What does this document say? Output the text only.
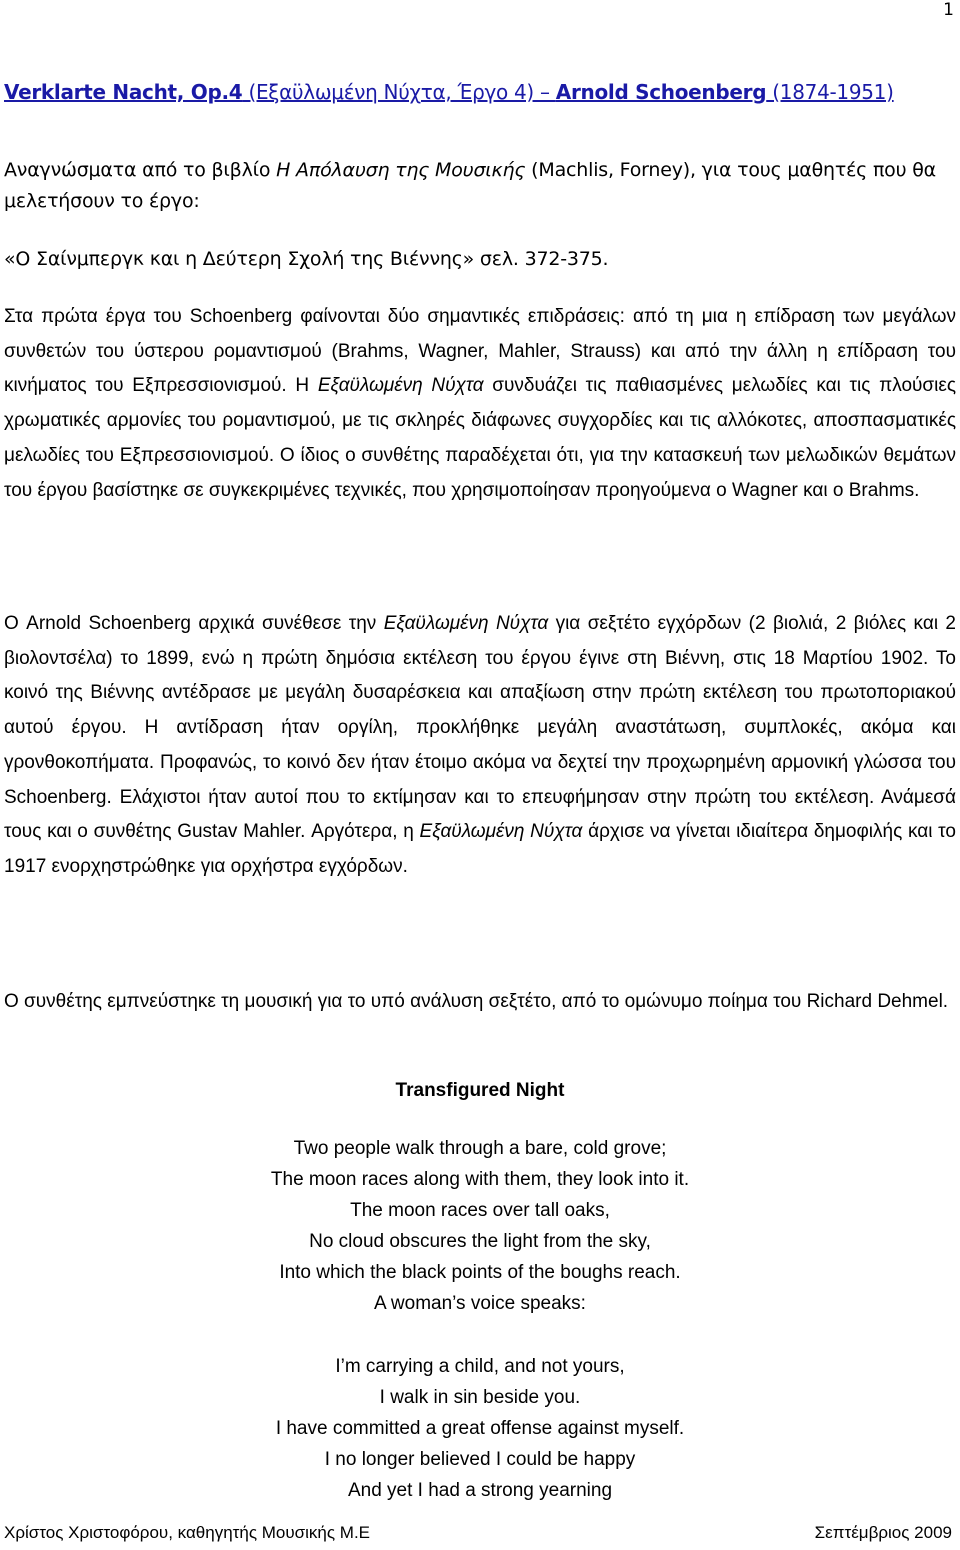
1
Verklarte Nacht, Op.4 (Εξαϋλωμένη Νύχτα, Έργο 4) – Arnold Schoenberg (1874-1951)
Αναγνώσματα από το βιβλίο Η Απόλαυση της Μουσικής (Machlis, Forney), για τους μαθητές που θα μελετήσουν το έργο:
«Ο Σαίνμπεργκ και η Δεύτερη Σχολή της Βιέννης» σελ. 372-375.
Στα πρώτα έργα του Schoenberg φαίνονται δύο σημαντικές επιδράσεις: από τη μια η επίδραση των μεγάλων συνθετών του ύστερου ρομαντισμού (Brahms, Wagner, Mahler, Strauss) και από την άλλη η επίδραση του κινήματος του Εξπρεσσιονισμού. Η Εξαϋλωμένη Νύχτα συνδυάζει τις παθιασμένες μελωδίες και τις πλούσιες χρωματικές αρμονίες του ρομαντισμού, με τις σκληρές διάφωνες συγχορδίες και τις αλλόκοτες, αποσπασματικές μελωδίες του Εξπρεσσιονισμού. Ο ίδιος ο συνθέτης παραδέχεται ότι, για την κατασκευή των μελωδικών θεμάτων του έργου βασίστηκε σε συγκεκριμένες τεχνικές, που χρησιμοποίησαν προηγούμενα ο Wagner και ο Brahms.
Ο Arnold Schoenberg αρχικά συνέθεσε την Εξαϋλωμένη Νύχτα για σεξτέτο εγχόρδων (2 βιολιά, 2 βιόλες και 2 βιολοντσέλα) το 1899, ενώ η πρώτη δημόσια εκτέλεση του έργου έγινε στη Βιέννη, στις 18 Μαρτίου 1902. Το κοινό της Βιέννης αντέδρασε με μεγάλη δυσαρέσκεια και απαξίωση στην πρώτη εκτέλεση του πρωτοποριακού αυτού έργου. Η αντίδραση ήταν οργίλη, προκλήθηκε μεγάλη αναστάτωση, συμπλοκές, ακόμα και γρονθοκοπήματα. Προφανώς, το κοινό δεν ήταν έτοιμο ακόμα να δεχτεί την προχωρημένη αρμονική γλώσσα του Schoenberg. Ελάχιστοι ήταν αυτοί που το εκτίμησαν και το επευφήμησαν στην πρώτη του εκτέλεση. Ανάμεσά τους και ο συνθέτης Gustav Mahler. Αργότερα, η Εξαϋλωμένη Νύχτα άρχισε να γίνεται ιδιαίτερα δημοφιλής και το 1917 ενορχηστρώθηκε για ορχήστρα εγχόρδων.
Ο συνθέτης εμπνεύστηκε τη μουσική για το υπό ανάλυση σεξτέτο, από το ομώνυμο ποίημα του Richard Dehmel.
Transfigured Night
Two people walk through a bare, cold grove;
The moon races along with them, they look into it.
The moon races over tall oaks,
No cloud obscures the light from the sky,
Into which the black points of the boughs reach.
A woman’s voice speaks:
I’m carrying a child, and not yours,
I walk in sin beside you.
I have committed a great offense against myself.
I no longer believed I could be happy
And yet I had a strong yearning
Χρίστος Χριστοφόρου, καθηγητής Μουσικής Μ.Ε	Σεπτέμβριος 2009
